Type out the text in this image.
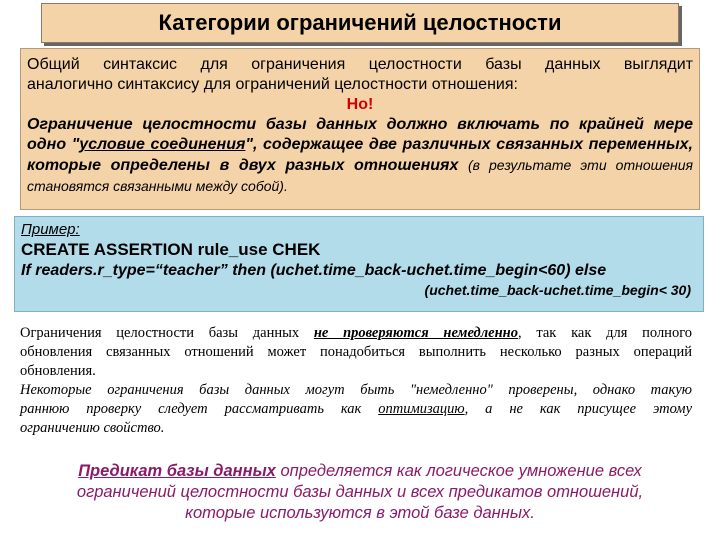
Категории ограничений целостности
Общий синтаксис для ограничения целостности базы данных выглядит
аналогично синтаксису для ограничений целостности отношения:
Но!
Ограничение целостности базы данных должно включать по крайней мере одно "условие соединения", содержащее две различных связанных переменных, которые определены в двух разных отношениях (в результате эти отношения становятся связанными между собой).
Пример:
CREATE ASSERTION rule_use CHEK
If readers.r_type=“teacher” then (uchet.time_back-uchet.time_begin<60) else
(uchet.time_back-uchet.time_begin< 30)
Ограничения целостности базы данных не проверяются немедленно, так как для полного
обновления связанных отношений может понадобиться выполнить несколько разных операций
обновления.
Некоторые ограничения базы данных могут быть "немедленно" проверены, однако такую
раннюю проверку следует рассматривать как оптимизацию, а не как присущее этому
ограничению свойство.
Предикат базы данных определяется как логическое умножение всех ограничений целостности базы данных и всех предикатов отношений, которые используются в этой базе данных.
